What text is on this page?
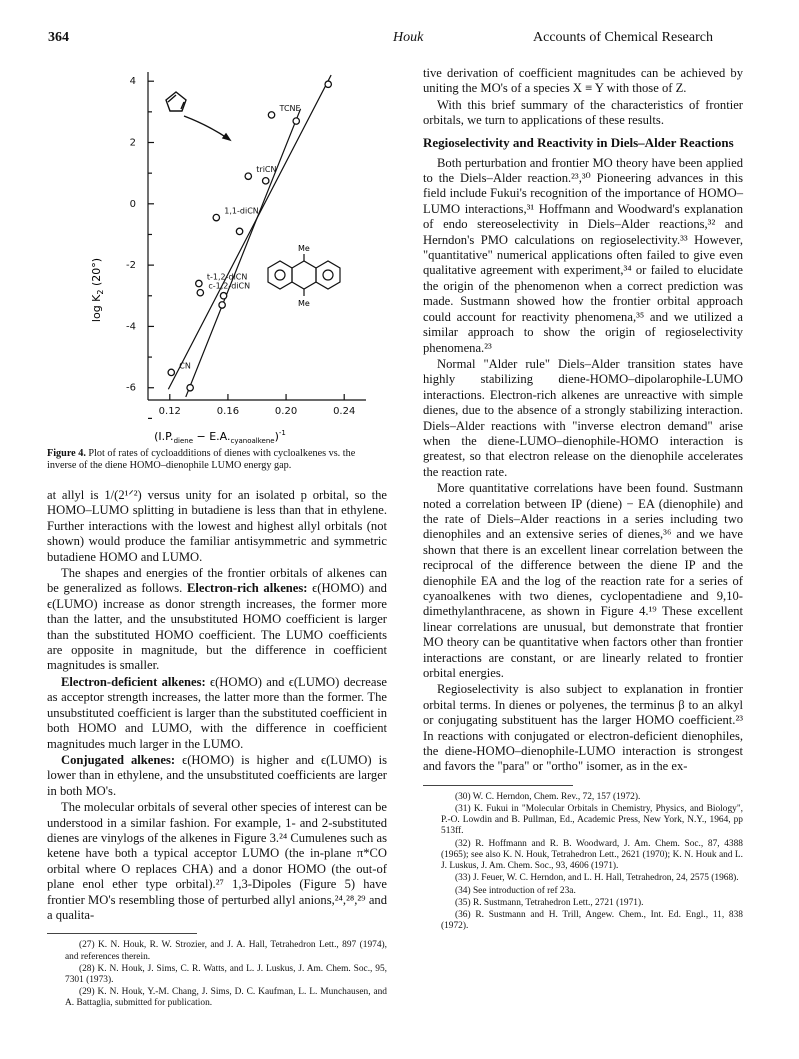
364	Houk	Accounts of Chemical Research
0.12	0.16	0.20	0.24
4
2
0
-2
-4
-6
TCNE
triCN
1,1-diCN
t-1,2-diCN
c-1,2-diCN
CN
Me
Me
$\log K_2$ (20°)
$(I.P._{diene} - E.A._{cyanoalkene})^{-1}$

Figure 4. Plot of rates of cycloadditions of dienes with cycloalkenes vs. the inverse of the diene HOMO–dienophile LUMO energy gap.

at allyl is 1/(2¹ᐟ²) versus unity for an isolated p orbital, so the HOMO–LUMO splitting in butadiene is less than that in ethylene. Further interactions with the lowest and highest allyl orbitals (not shown) would produce the familiar antisymmetric and symmetric butadiene HOMO and LUMO.

The shapes and energies of the frontier orbitals of alkenes can be generalized as follows. Electron-rich alkenes: ϵ(HOMO) and ϵ(LUMO) increase as donor strength increases, the former more than the latter, and the unsubstituted HOMO coefficient is larger than the substituted HOMO coefficient. The LUMO coefficients are opposite in magnitude, but the difference in coefficient magnitudes is smaller.

Electron-deficient alkenes: ϵ(HOMO) and ϵ(LUMO) decrease as acceptor strength increases, the latter more than the former. The unsubstituted coefficient is larger than the substituted coefficient in both HOMO and LUMO, with the difference in coefficient magnitudes much larger in the LUMO.

Conjugated alkenes: ϵ(HOMO) is higher and ϵ(LUMO) is lower than in ethylene, and the unsubstituted coefficients are larger in both MO's.

The molecular orbitals of several other species of interest can be understood in a similar fashion. For example, 1- and 2-substituted dienes are vinylogs of the alkenes in Figure 3.²⁴ Cumulenes such as ketene have both a typical acceptor LUMO (the in-plane π*CO orbital where O replaces CHA) and a donor HOMO (the out-of plane enol ether type orbital).²⁷ 1,3-Dipoles (Figure 5) have frontier MO's resembling those of perturbed allyl anions,²⁴,²⁸,²⁹ and a qualita-

(27) K. N. Houk, R. W. Strozier, and J. A. Hall, Tetrahedron Lett., 897 (1974), and references therein.

(28) K. N. Houk, J. Sims, C. R. Watts, and L. J. Luskus, J. Am. Chem. Soc., 95, 7301 (1973).

(29) K. N. Houk, Y.-M. Chang, J. Sims, D. C. Kaufman, L. L. Munchausen, and A. Battaglia, submitted for publication.

tive derivation of coefficient magnitudes can be achieved by uniting the MO's of a species X ≡ Y with those of Z.

With this brief summary of the characteristics of frontier orbitals, we turn to applications of these results.

Regioselectivity and Reactivity in Diels–Alder Reactions

Both perturbation and frontier MO theory have been applied to the Diels–Alder reaction.²³,³⁰ Pioneering advances in this field include Fukui's recognition of the importance of HOMO–LUMO interactions,³¹ Hoffmann and Woodward's explanation of endo stereoselectivity in Diels–Alder reactions,³² and Herndon's PMO calculations on regioselectivity.³³ However, "quantitative" numerical applications often failed to give even qualitative agreement with experiment,³⁴ or failed to elucidate the origin of the phenomenon when a correct prediction was made. Sustmann showed how the frontier orbital approach could account for reactivity phenomena,³⁵ and we utilized a similar approach to show the origin of regioselectivity phenomena.²³

Normal "Alder rule" Diels–Alder transition states have highly stabilizing diene-HOMO–dipolarophile-LUMO interactions. Electron-rich alkenes are unreactive with simple dienes, due to the absence of a strongly stabilizing interaction. Diels–Alder reactions with "inverse electron demand" arise when the diene-LUMO–dienophile-HOMO interaction is greatest, so that electron release on the dienophile accelerates the reaction rate.

More quantitative correlations have been found. Sustmann noted a correlation between IP (diene) − EA (dienophile) and the rate of Diels–Alder reactions in a series including two dienophiles and an extensive series of dienes,³⁶ and we have shown that there is an excellent linear correlation between the reciprocal of the difference between the diene IP and the dienophile EA and the log of the reaction rate for a series of cyanoalkenes with two dienes, cyclopentadiene and 9,10-dimethylanthracene, as shown in Figure 4.¹⁹ These excellent linear correlations are unusual, but demonstrate that frontier MO theory can be quantitative when factors other than frontier interactions are constant, or are linearly related to frontier orbital energies.

Regioselectivity is also subject to explanation in frontier orbital terms. In dienes or polyenes, the terminus β to an alkyl or conjugating substituent has the larger HOMO coefficient.²³ In reactions with conjugated or electron-deficient dienophiles, the diene-HOMO–dienophile-LUMO interaction is strongest and favors the "para" or "ortho" isomer, as in the ex-

(30) W. C. Herndon, Chem. Rev., 72, 157 (1972).

(31) K. Fukui in "Molecular Orbitals in Chemistry, Physics, and Biology", P.-O. Lowdin and B. Pullman, Ed., Academic Press, New York, N.Y., 1964, pp 513ff.

(32) R. Hoffmann and R. B. Woodward, J. Am. Chem. Soc., 87, 4388 (1965); see also K. N. Houk, Tetrahedron Lett., 2621 (1970); K. N. Houk and L. J. Luskus, J. Am. Chem. Soc., 93, 4606 (1971).

(33) J. Feuer, W. C. Herndon, and L. H. Hall, Tetrahedron, 24, 2575 (1968).

(34) See introduction of ref 23a.

(35) R. Sustmann, Tetrahedron Lett., 2721 (1971).

(36) R. Sustmann and H. Trill, Angew. Chem., Int. Ed. Engl., 11, 838 (1972).
